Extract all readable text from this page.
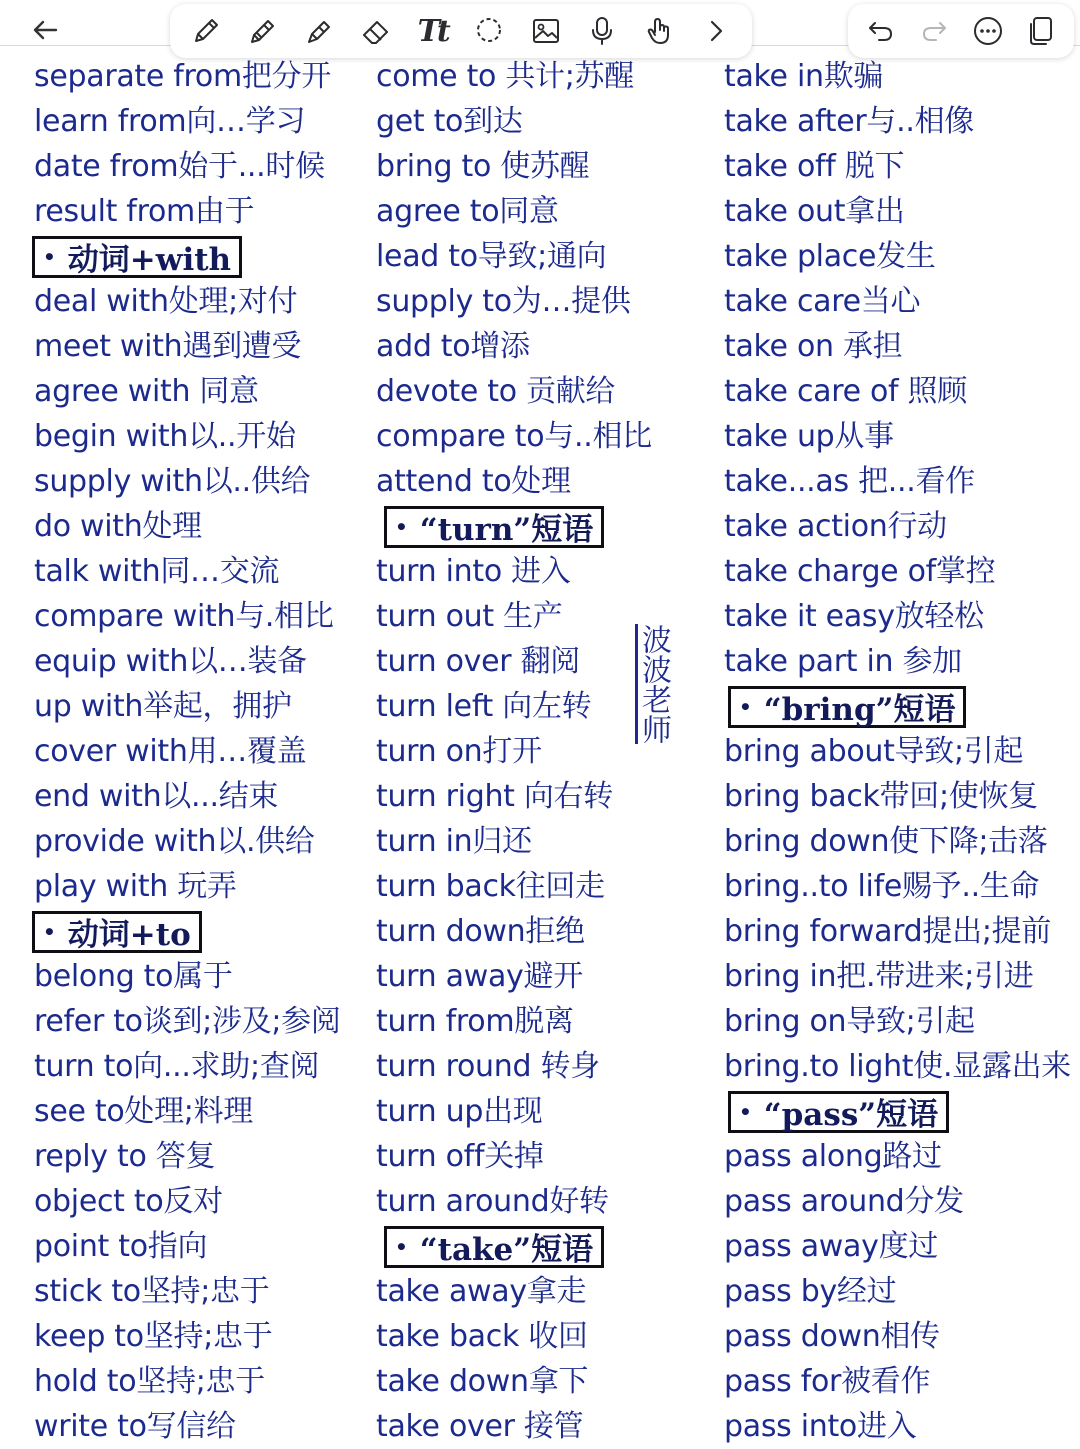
Tt
separate from把分开
learn from向…学习
date from始于...时候
result from由于
• 动词+with
deal with处理;对付
meet with遇到遭受
agree with 同意
begin with以..开始
supply with以..供给
do with处理
talk with同…交流
compare with与.相比
equip with以…装备
up with举起，拥护
cover with用…覆盖
end with以...结束
provide with以.供给
play with 玩弄
• 动词+to
belong to属于
refer to谈到;涉及;参阅
turn to向...求助;查阅
see to处理;料理
reply to 答复
object to反对
point to指向
stick to坚持;忠于
keep to坚持;忠于
hold to坚持;忠于
write to写信给
come to 共计;苏醒
get to到达
bring to 使苏醒
agree to同意
lead to导致;通向
supply to为…提供
add to增添
devote to 贡献给
compare to与..相比
attend to处理
• “turn”短语
turn into 进入
turn out 生产
turn over 翻阅
turn left 向左转
turn on打开
turn right 向右转
turn in归还
turn back往回走
turn down拒绝
turn away避开
turn from脱离
turn round 转身
turn up出现
turn off关掉
turn around好转
• “take”短语
take away拿走
take back 收回
take down拿下
take over 接管
take in欺骗
take after与..相像
take off 脱下
take out拿出
take place发生
take care当心
take on 承担
take care of 照顾
take up从事
take...as 把...看作
take action行动
take charge of掌控
take it easy放轻松
take part in 参加
• “bring”短语
bring about导致;引起
bring back带回;使恢复
bring down使下降;击落
bring..to life赐予..生命
bring forward提出;提前
bring in把.带进来;引进
bring on导致;引起
bring.to light使.显露出来
• “pass”短语
pass along路过
pass around分发
pass away度过
pass by经过
pass down相传
pass for被看作
pass into进入
波波老师
